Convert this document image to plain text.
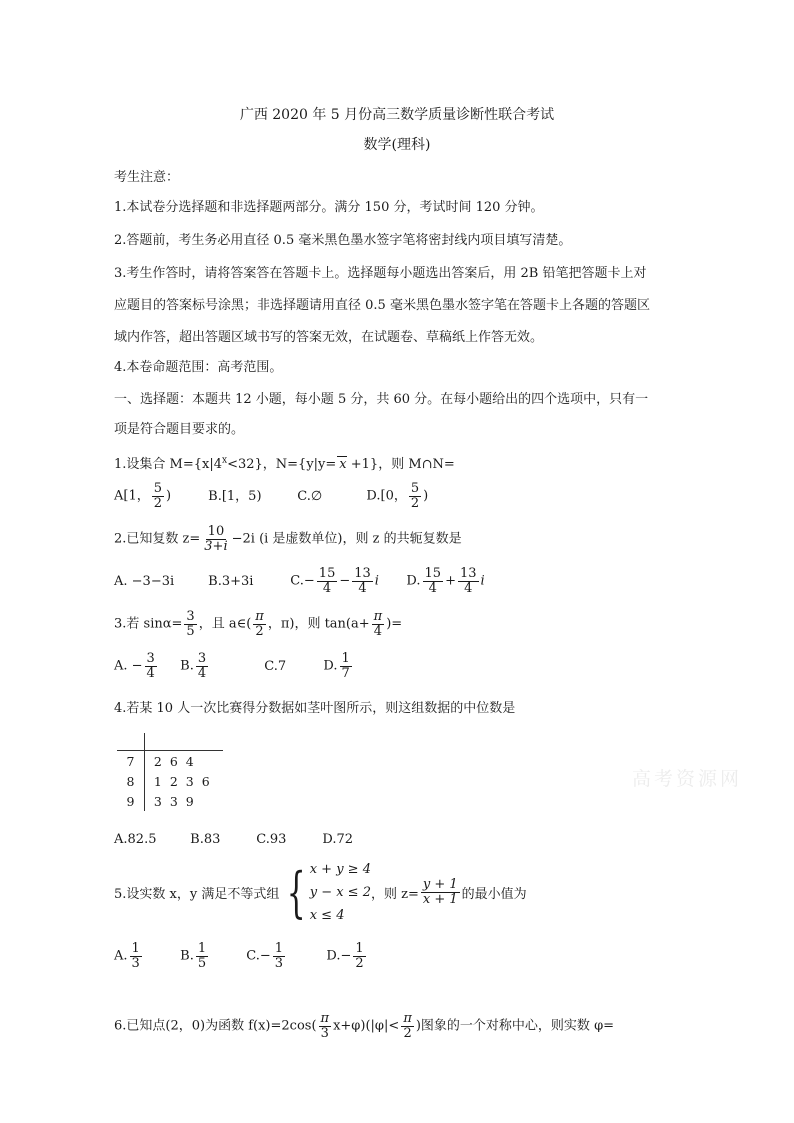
广西 2020 年 5 月份高三数学质量诊断性联合考试
数学(理科)
考生注意：
1.本试卷分选择题和非选择题两部分。满分 150 分，考试时间 120 分钟。
2.答题前，考生务必用直径 0.5 毫米黑色墨水签字笔将密封线内项目填写清楚。
3.考生作答时，请将答案答在答题卡上。选择题每小题选出答案后，用 2B 铅笔把答题卡上对
应题目的答案标号涂黑；非选择题请用直径 0.5 毫米黑色墨水签字笔在答题卡上各题的答题区
域内作答，超出答题区域书写的答案无效，在试题卷、草稿纸上作答无效。
4.本卷命题范围：高考范围。
一、选择题：本题共 12 小题，每小题 5 分，共 60 分。在每小题给出的四个选项中，只有一
项是符合题目要求的。
1.设集合 $M=\{x|4^x<32\}$，N={y|y= x +1}，则 M∩N=
A[1， $\frac{5}{2}$ )	B.[1，5)	C.∅	D.[0， $\frac{5}{2}$ )
2.已知复数 $z= \frac{10}{3+i} -2i$ (i 是虚数单位)，则 z 的共轭复数是
A. −3−3i	B.3+3i	$C.- \frac{15}{4} - \frac{13}{4}$ i D. $\frac{15}{4} + \frac{13}{4}$ i
3.若 $\sin\alpha= \frac{3}{5}$ ，且 a∈( $\frac{\pi}{2}$ ，π)，则 $\tan(a+ \frac{\pi}{4}$ )=
A. − $\frac{3}{4} B$. $\frac{3}{4}$	C.7	D. $\frac{1}{7}$
4.若某 10 人一次比赛得分数据如茎叶图所示，则这组数据的中位数是

7	264
8	1236
9	339
高考资源网
A.82.5	B.83	C.93	D.72
5.设实数 x，y 满足不等式组 { x + y ≥ 4
y − x ≤ 2
x ≤ 4
，则 $z= \frac{y + 1}{x + 1}$ 的最小值为
A. $\frac{1}{3}$	B. $\frac{1}{5}$	$C.- \frac{1}{3}$	$D.- \frac{1}{2}$
6.已知点(2，0)为函数 $f(x)=2\cos( \frac{\pi}{3} x+\varphi)(|\varphi|< \frac{\pi}{2}$ )图象的一个对称中心，则实数 φ=
